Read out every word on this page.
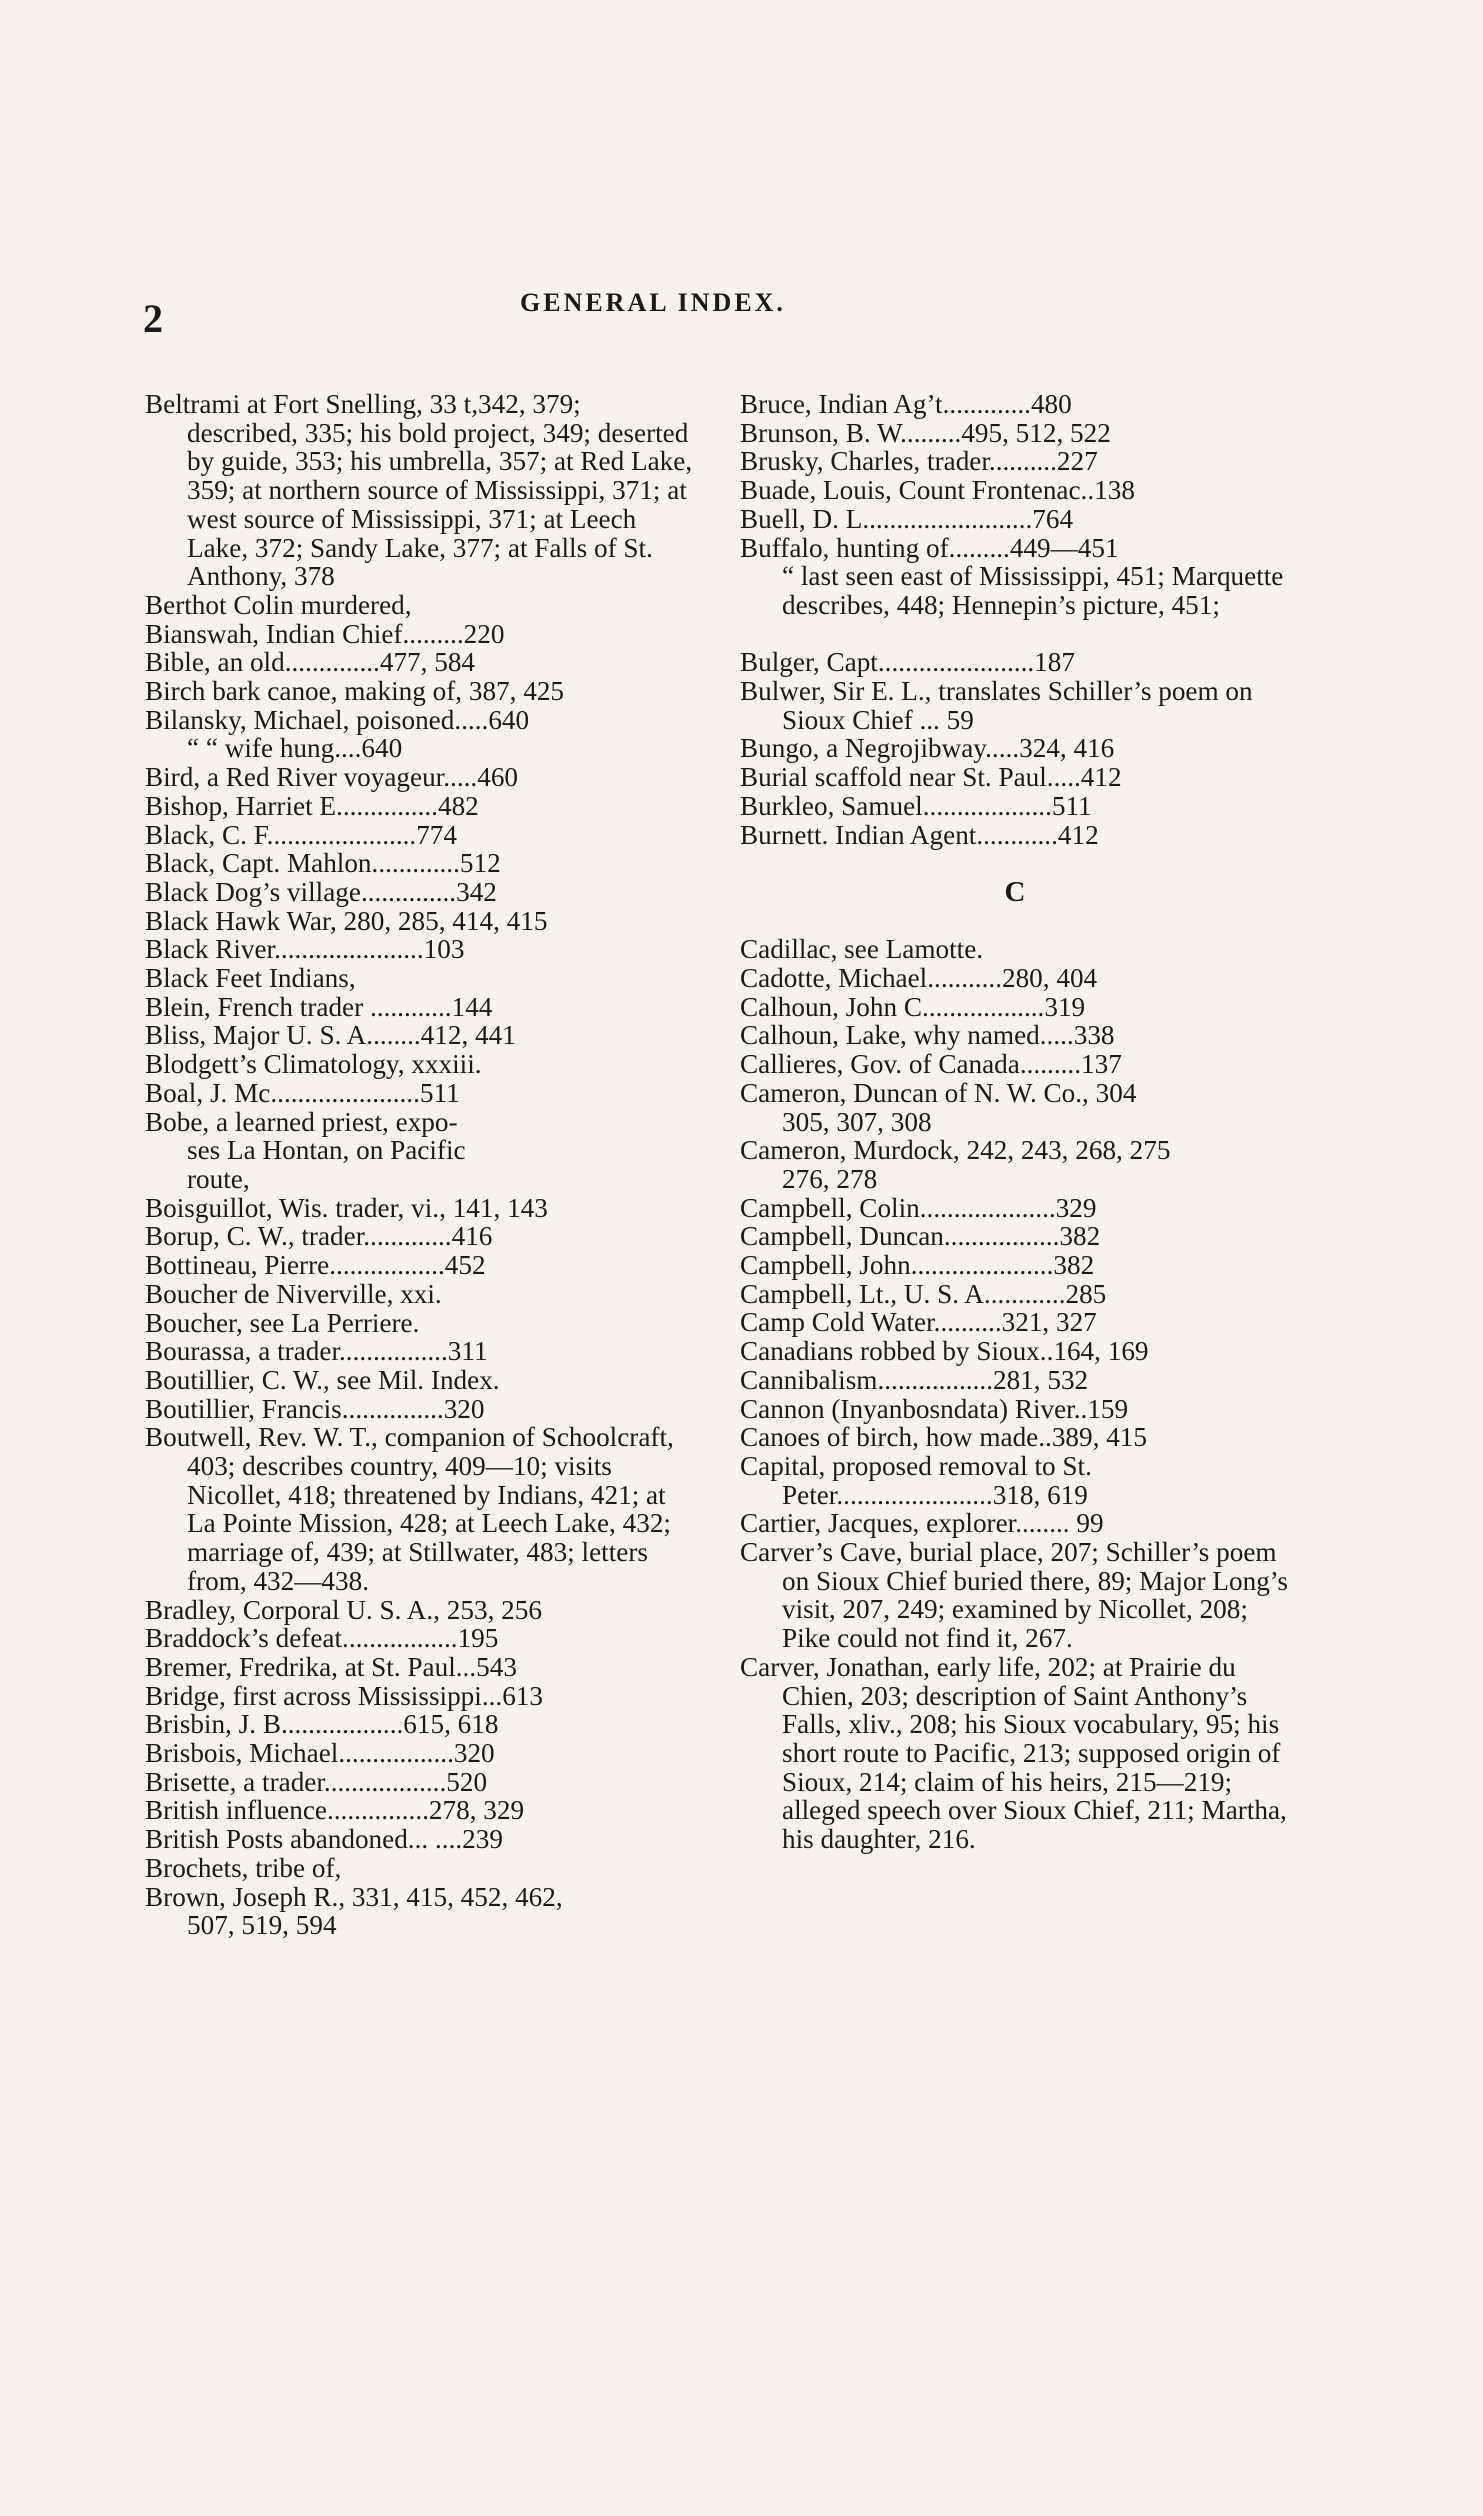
2	GENERAL INDEX.
Beltrami at Fort Snelling, 33 t,342, 379; described, 335; his bold project, 349; deserted by guide, 353; his umbrella, 357; at Red Lake, 359; at northern source of Mississippi, 371; at west source of Mississippi, 371; at Leech Lake, 372; Sandy Lake, 377; at Falls of St. Anthony, 378
Berthot Colin murdered,
Bianswah, Indian Chief.........220
Bible, an old..............477, 584
Birch bark canoe, making of, 387, 425
Bilansky, Michael, poisoned.....640
“ “ wife hung....640
Bird, a Red River voyageur.....460
Bishop, Harriet E...............482
Black, C. F......................774
Black, Capt. Mahlon.............512
Black Dog’s village..............342
Black Hawk War, 280, 285, 414, 415
Black River......................103
Black Feet Indians,
Blein, French trader ............144
Bliss, Major U. S. A........412, 441
Blodgett’s Climatology, xxxiii.
Boal, J. Mc......................511
Bobe, a learned priest, expo-
ses La Hontan, on Pacific
route,
Boisguillot, Wis. trader, vi., 141, 143
Borup, C. W., trader.............416
Bottineau, Pierre.................452
Boucher de Niverville, xxi.
Boucher, see La Perriere.
Bourassa, a trader................311
Boutillier, C. W., see Mil. Index.
Boutillier, Francis...............320
Boutwell, Rev. W. T., companion of Schoolcraft, 403; describes country, 409—10; visits Nicollet, 418; threatened by Indians, 421; at La Pointe Mission, 428; at Leech Lake, 432; marriage of, 439; at Stillwater, 483; letters from, 432—438.
Bradley, Corporal U. S. A., 253, 256
Braddock’s defeat.................195
Bremer, Fredrika, at St. Paul...543
Bridge, first across Mississippi...613
Brisbin, J. B..................615, 618
Brisbois, Michael.................320
Brisette, a trader..................520
British influence...............278, 329
British Posts abandoned... ....239
Brochets, tribe of,
Brown, Joseph R., 331, 415, 452, 462,
507, 519, 594
Bruce, Indian Ag’t.............480
Brunson, B. W.........495, 512, 522
Brusky, Charles, trader..........227
Buade, Louis, Count Frontenac..138
Buell, D. L.........................764
Buffalo, hunting of.........449—451
“ last seen east of Mississippi, 451; Marquette describes, 448; Hennepin’s picture, 451;
Bulger, Capt.......................187
Bulwer, Sir E. L., translates Schiller’s poem on Sioux Chief ... 59
Bungo, a Negrojibway.....324, 416
Burial scaffold near St. Paul.....412
Burkleo, Samuel...................511
Burnett. Indian Agent............412
C
Cadillac, see Lamotte.
Cadotte, Michael...........280, 404
Calhoun, John C..................319
Calhoun, Lake, why named.....338
Callieres, Gov. of Canada.........137
Cameron, Duncan of N. W. Co., 304
305, 307, 308
Cameron, Murdock, 242, 243, 268, 275
276, 278
Campbell, Colin....................329
Campbell, Duncan.................382
Campbell, John.....................382
Campbell, Lt., U. S. A............285
Camp Cold Water..........321, 327
Canadians robbed by Sioux..164, 169
Cannibalism.................281, 532
Cannon (Inyanbosndata) River..159
Canoes of birch, how made..389, 415
Capital, proposed removal to St. Peter.......................318, 619
Cartier, Jacques, explorer........ 99
Carver’s Cave, burial place, 207; Schiller’s poem on Sioux Chief buried there, 89; Major Long’s visit, 207, 249; examined by Nicollet, 208; Pike could not find it, 267.
Carver, Jonathan, early life, 202; at Prairie du Chien, 203; description of Saint Anthony’s Falls, xliv., 208; his Sioux vocabulary, 95; his short route to Pacific, 213; supposed origin of Sioux, 214; claim of his heirs, 215—219; alleged speech over Sioux Chief, 211; Martha, his daughter, 216.
